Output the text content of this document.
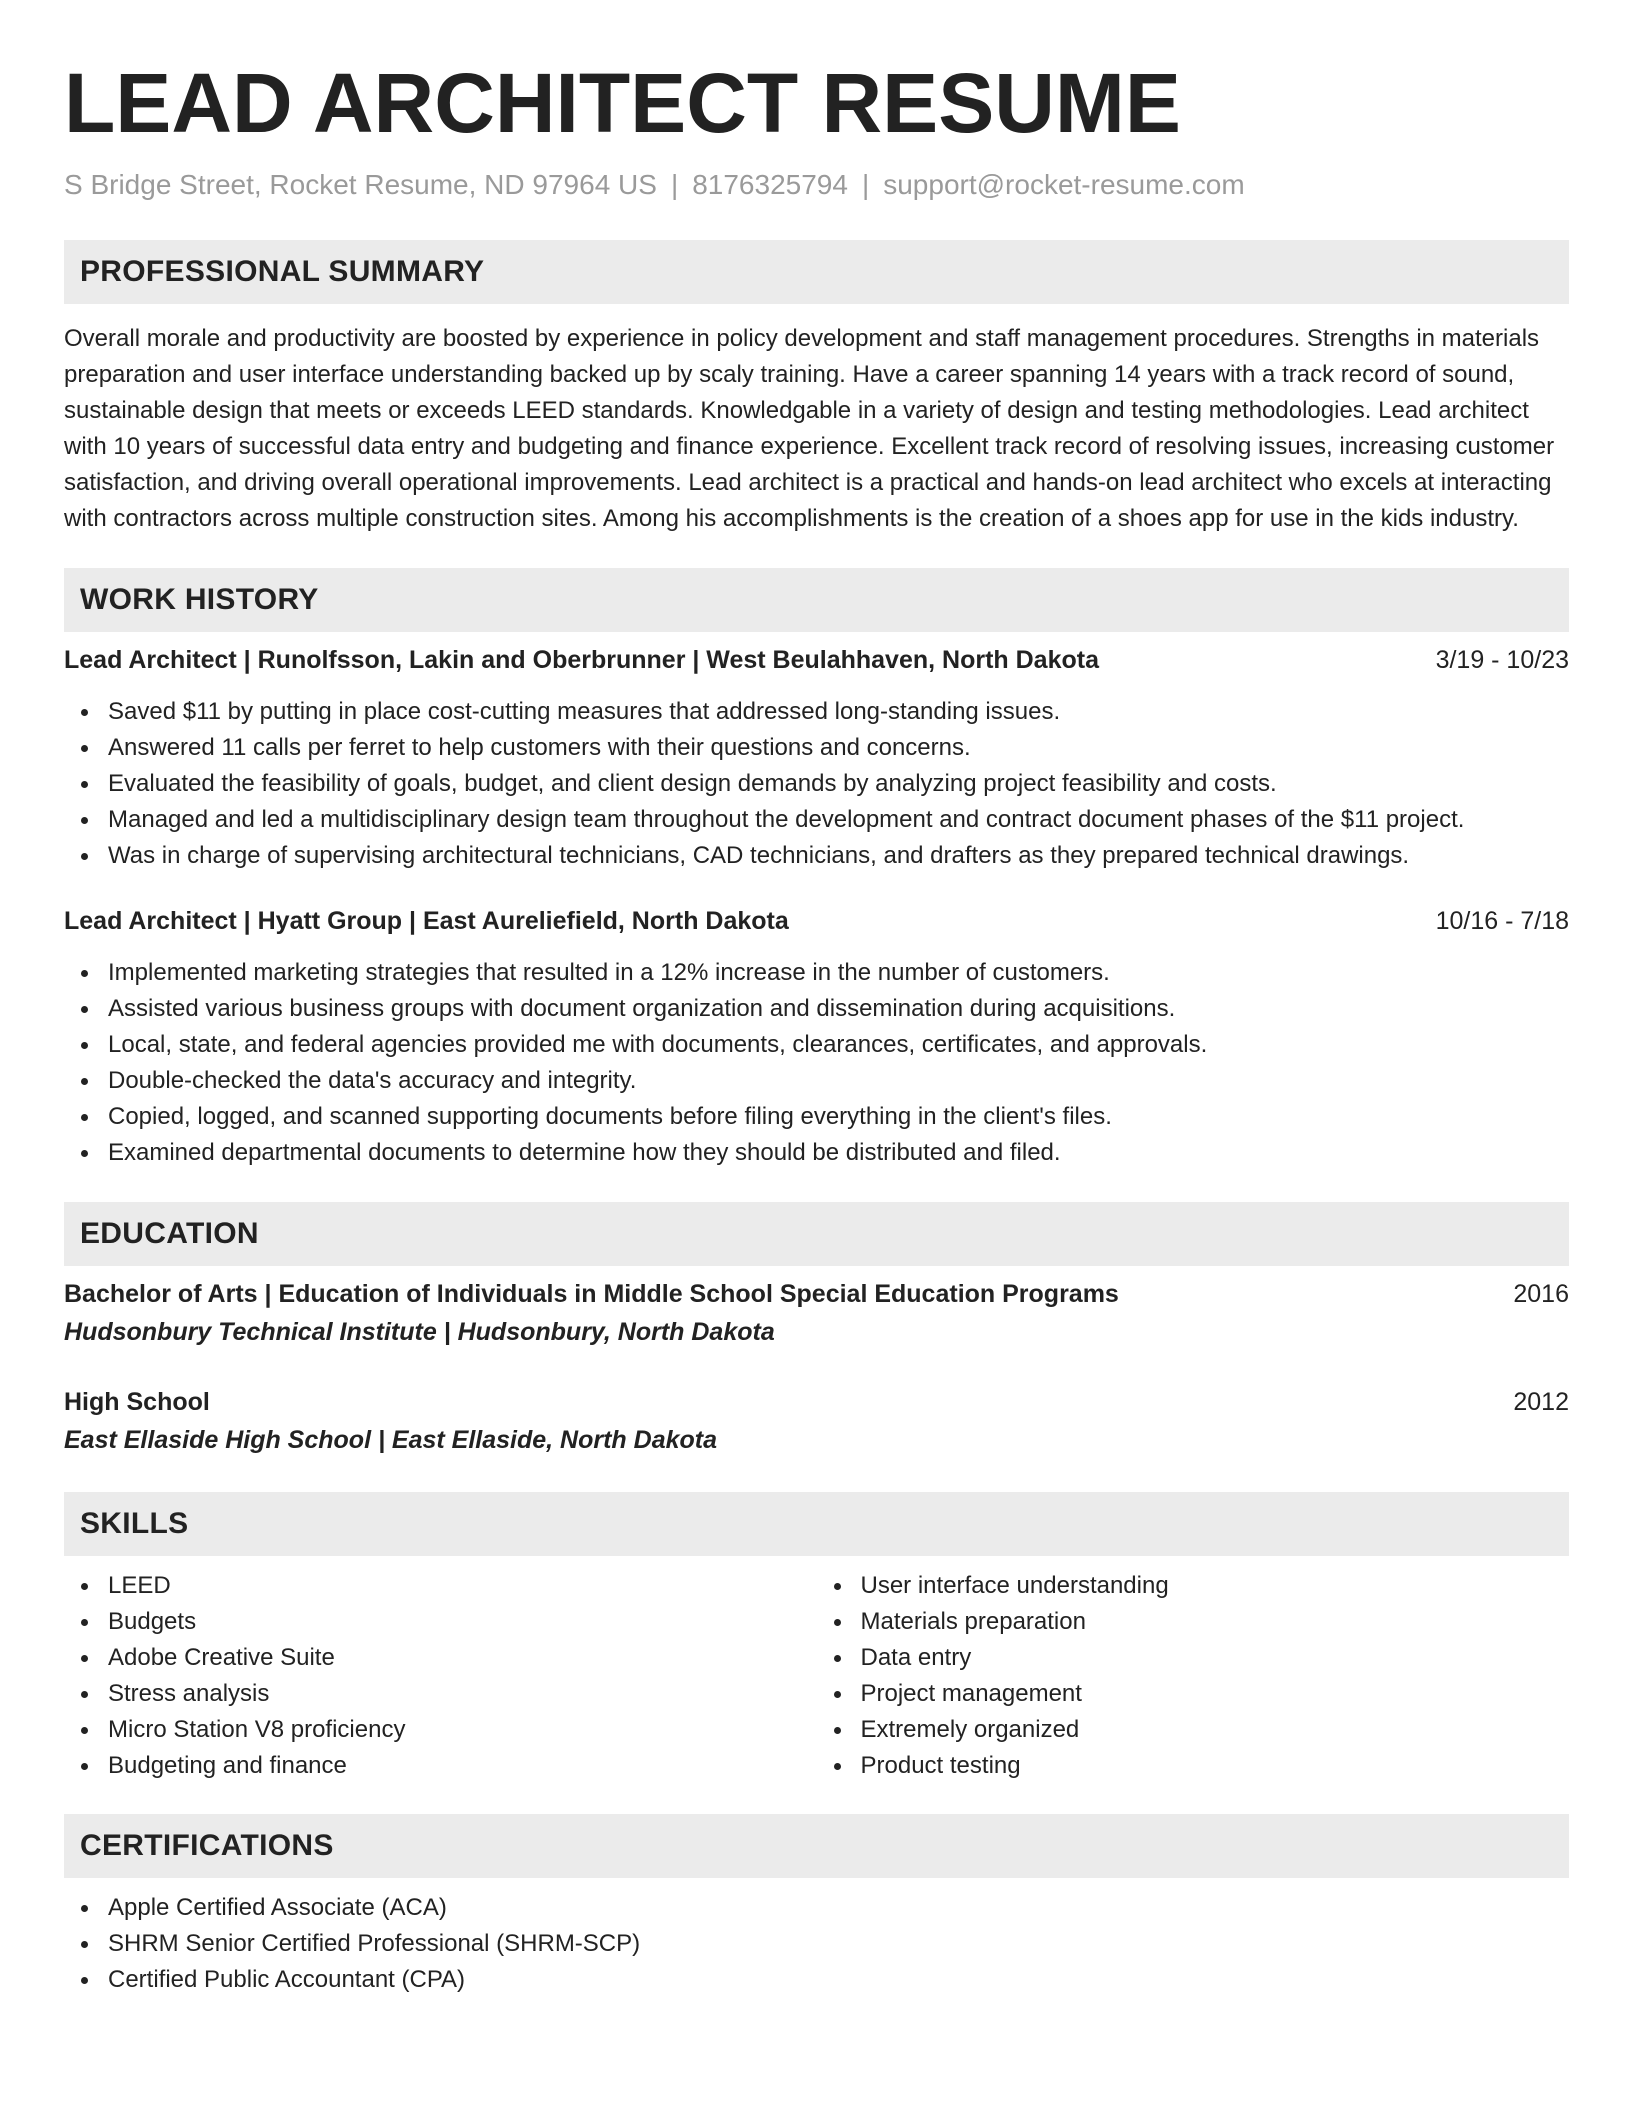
LEAD ARCHITECT RESUME
S Bridge Street, Rocket Resume, ND 97964 US | 8176325794 | support@rocket-resume.com
PROFESSIONAL SUMMARY

Overall morale and productivity are boosted by experience in policy development and staff management procedures. Strengths in materials preparation and user interface understanding backed up by scaly training. Have a career spanning 14 years with a track record of sound, sustainable design that meets or exceeds LEED standards. Knowledgable in a variety of design and testing methodologies. Lead architect with 10 years of successful data entry and budgeting and finance experience. Excellent track record of resolving issues, increasing customer satisfaction, and driving overall operational improvements. Lead architect is a practical and hands-on lead architect who excels at interacting with contractors across multiple construction sites. Among his accomplishments is the creation of a shoes app for use in the kids industry.

WORK HISTORY
Lead Architect | Runolfsson, Lakin and Oberbrunner | West Beulahhaven, North Dakota	3/19 - 10/23
Saved $11 by putting in place cost-cutting measures that addressed long-standing issues.
Answered 11 calls per ferret to help customers with their questions and concerns.
Evaluated the feasibility of goals, budget, and client design demands by analyzing project feasibility and costs.
Managed and led a multidisciplinary design team throughout the development and contract document phases of the $11 project.
Was in charge of supervising architectural technicians, CAD technicians, and drafters as they prepared technical drawings.
Lead Architect | Hyatt Group | East Aureliefield, North Dakota	10/16 - 7/18
Implemented marketing strategies that resulted in a 12% increase in the number of customers.
Assisted various business groups with document organization and dissemination during acquisitions.
Local, state, and federal agencies provided me with documents, clearances, certificates, and approvals.
Double-checked the data's accuracy and integrity.
Copied, logged, and scanned supporting documents before filing everything in the client's files.
Examined departmental documents to determine how they should be distributed and filed.
EDUCATION
Bachelor of Arts | Education of Individuals in Middle School Special Education Programs	2016
Hudsonbury Technical Institute | Hudsonbury, North Dakota
High School	2012
East Ellaside High School | East Ellaside, North Dakota
SKILLS
LEED
Budgets
Adobe Creative Suite
Stress analysis
Micro Station V8 proficiency
Budgeting and finance
User interface understanding
Materials preparation
Data entry
Project management
Extremely organized
Product testing
CERTIFICATIONS
Apple Certified Associate (ACA)
SHRM Senior Certified Professional (SHRM-SCP)
Certified Public Accountant (CPA)
